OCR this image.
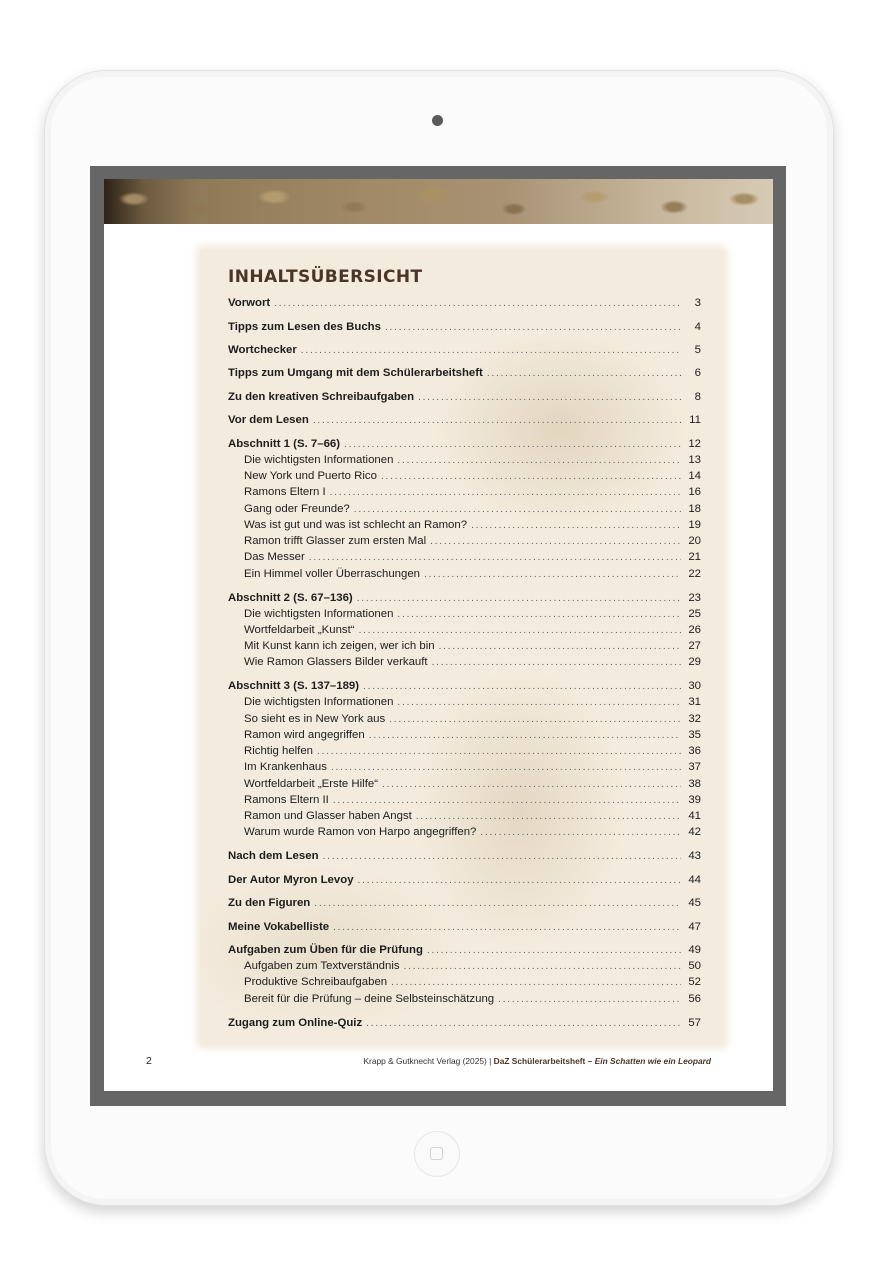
INHALTSÜBERSICHT
Vorwort .....	3
Tipps zum Lesen des Buchs .....	4
Wortchecker .....	5
Tipps zum Umgang mit dem Schülerarbeitsheft .....	6
Zu den kreativen Schreibaufgaben .....	8
Vor dem Lesen .....	11
Abschnitt 1 (S. 7–66) .....	12
Die wichtigsten Informationen .....	13
New York und Puerto Rico .....	14
Ramons Eltern I .....	16
Gang oder Freunde? .....	18
Was ist gut und was ist schlecht an Ramon? .....	19
Ramon trifft Glasser zum ersten Mal .....	20
Das Messer .....	21
Ein Himmel voller Überraschungen .....	22
Abschnitt 2 (S. 67–136) .....	23
Die wichtigsten Informationen .....	25
Wortfeldarbeit „Kunst“ .....	26
Mit Kunst kann ich zeigen, wer ich bin .....	27
Wie Ramon Glassers Bilder verkauft .....	29
Abschnitt 3 (S. 137–189) .....	30
Die wichtigsten Informationen .....	31
So sieht es in New York aus .....	32
Ramon wird angegriffen .....	35
Richtig helfen .....	36
Im Krankenhaus .....	37
Wortfeldarbeit „Erste Hilfe“ .....	38
Ramons Eltern II .....	39
Ramon und Glasser haben Angst .....	41
Warum wurde Ramon von Harpo angegriffen? .....	42
Nach dem Lesen .....	43
Der Autor Myron Levoy .....	44
Zu den Figuren .....	45
Meine Vokabelliste .....	47
Aufgaben zum Üben für die Prüfung .....	49
Aufgaben zum Textverständnis .....	50
Produktive Schreibaufgaben .....	52
Bereit für die Prüfung – deine Selbsteinschätzung .....	56
Zugang zum Online-Quiz .....	57
2	Krapp & Gutknecht Verlag (2025) | DaZ Schülerarbeitsheft – Ein Schatten wie ein Leopard
